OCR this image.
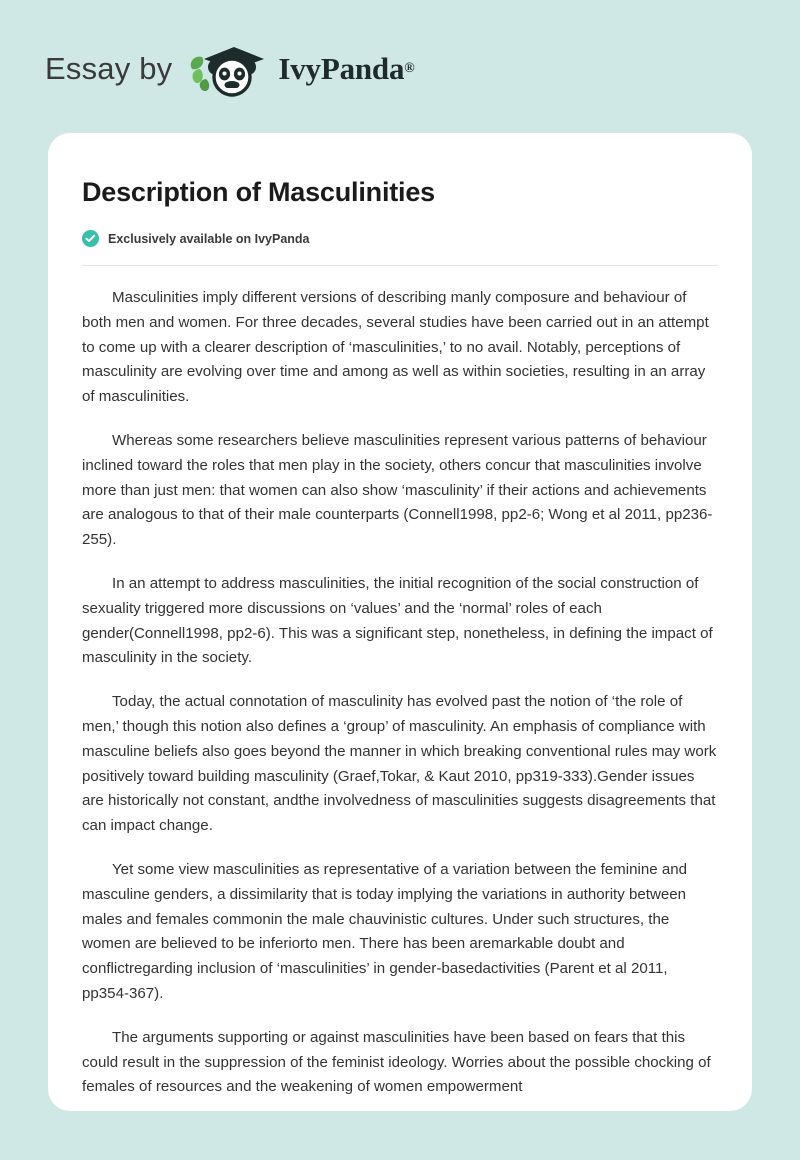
Essay by	IvyPanda ®
Description of Masculinities
Exclusively available on IvyPanda

Masculinities imply different versions of describing manly composure and behaviour of both men and women. For three decades, several studies have been carried out in an attempt to come up with a clearer description of ‘masculinities,’ to no avail. Notably, perceptions of masculinity are evolving over time and among as well as within societies, resulting in an array of masculinities.

Whereas some researchers believe masculinities represent various patterns of behaviour inclined toward the roles that men play in the society, others concur that masculinities involve more than just men: that women can also show ‘masculinity’ if their actions and achievements are analogous to that of their male counterparts (Connell1998, pp2-6; Wong et al 2011, pp236-255).

In an attempt to address masculinities, the initial recognition of the social construction of sexuality triggered more discussions on ‘values’ and the ‘normal’ roles of each gender(Connell1998, pp2-6). This was a significant step, nonetheless, in defining the impact of masculinity in the society.

Today, the actual connotation of masculinity has evolved past the notion of ‘the role of men,’ though this notion also defines a ‘group’ of masculinity. An emphasis of compliance with masculine beliefs also goes beyond the manner in which breaking conventional rules may work positively toward building masculinity (Graef,Tokar, & Kaut 2010, pp319-333).Gender issues are historically not constant, andthe involvedness of masculinities suggests disagreements that can impact change.

Yet some view masculinities as representative of a variation between the feminine and masculine genders, a dissimilarity that is today implying the variations in authority between males and females commonin the male chauvinistic cultures. Under such structures, the women are believed to be inferiorto men. There has been aremarkable doubt and conflictregarding inclusion of ‘masculinities’ in gender-basedactivities (Parent et al 2011, pp354-367).

The arguments supporting or against masculinities have been based on fears that this could result in the suppression of the feminist ideology. Worries about the possible chocking of females of resources and the weakening of women empowerment
